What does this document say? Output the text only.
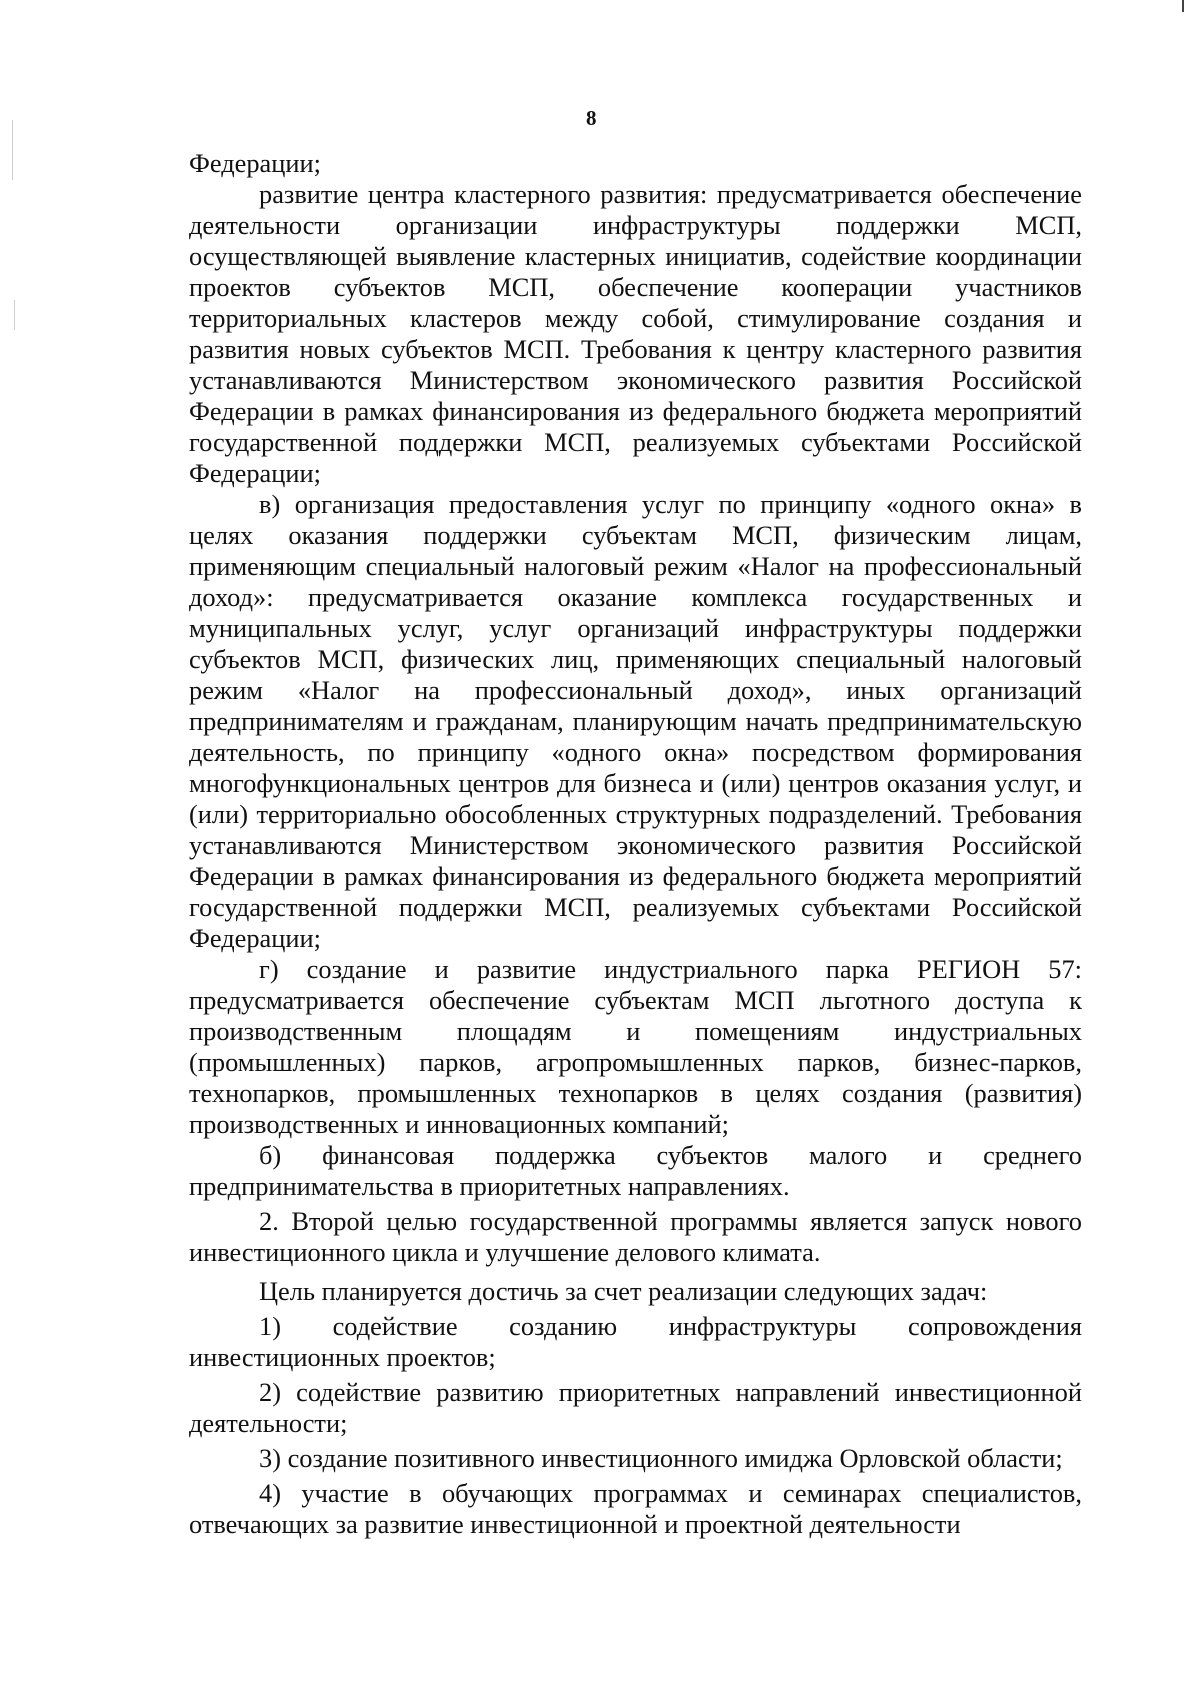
8

Федерации;

развитие центра кластерного развития: предусматривается обеспечение деятельности организации инфраструктуры поддержки МСП, осуществляющей выявление кластерных инициатив, содействие координации проектов субъектов МСП, обеспечение кооперации участников территориальных кластеров между собой, стимулирование создания и развития новых субъектов МСП. Требования к центру кластерного развития устанавливаются Министерством экономического развития Российской Федерации в рамках финансирования из федерального бюджета мероприятий государственной поддержки МСП, реализуемых субъектами Российской Федерации;

в) организация предоставления услуг по принципу «одного окна» в целях оказания поддержки субъектам МСП, физическим лицам, применяющим специальный налоговый режим «Налог на профессиональный доход»: предусматривается оказание комплекса государственных и муниципальных услуг, услуг организаций инфраструктуры поддержки субъектов МСП, физических лиц, применяющих специальный налоговый режим «Налог на профессиональный доход», иных организаций предпринимателям и гражданам, планирующим начать предпринимательскую деятельность, по принципу «одного окна» посредством формирования многофункциональных центров для бизнеса и (или) центров оказания услуг, и (или) территориально обособленных структурных подразделений. Требования устанавливаются Министерством экономического развития Российской Федерации в рамках финансирования из федерального бюджета мероприятий государственной поддержки МСП, реализуемых субъектами Российской Федерации;

г) создание и развитие индустриального парка РЕГИОН 57: предусматривается обеспечение субъектам МСП льготного доступа к производственным площадям и помещениям индустриальных (промышленных) парков, агропромышленных парков, бизнес-парков, технопарков, промышленных технопарков в целях создания (развития) производственных и инновационных компаний;

б) финансовая поддержка субъектов малого и среднего предпринимательства в приоритетных направлениях.

2. Второй целью государственной программы является запуск нового инвестиционного цикла и улучшение делового климата.

Цель планируется достичь за счет реализации следующих задач:

1) содействие созданию инфраструктуры сопровождения инвестиционных проектов;

2) содействие развитию приоритетных направлений инвестиционной деятельности;

3) создание позитивного инвестиционного имиджа Орловской области;

4) участие в обучающих программах и семинарах специалистов, отвечающих за развитие инвестиционной и проектной деятельности
